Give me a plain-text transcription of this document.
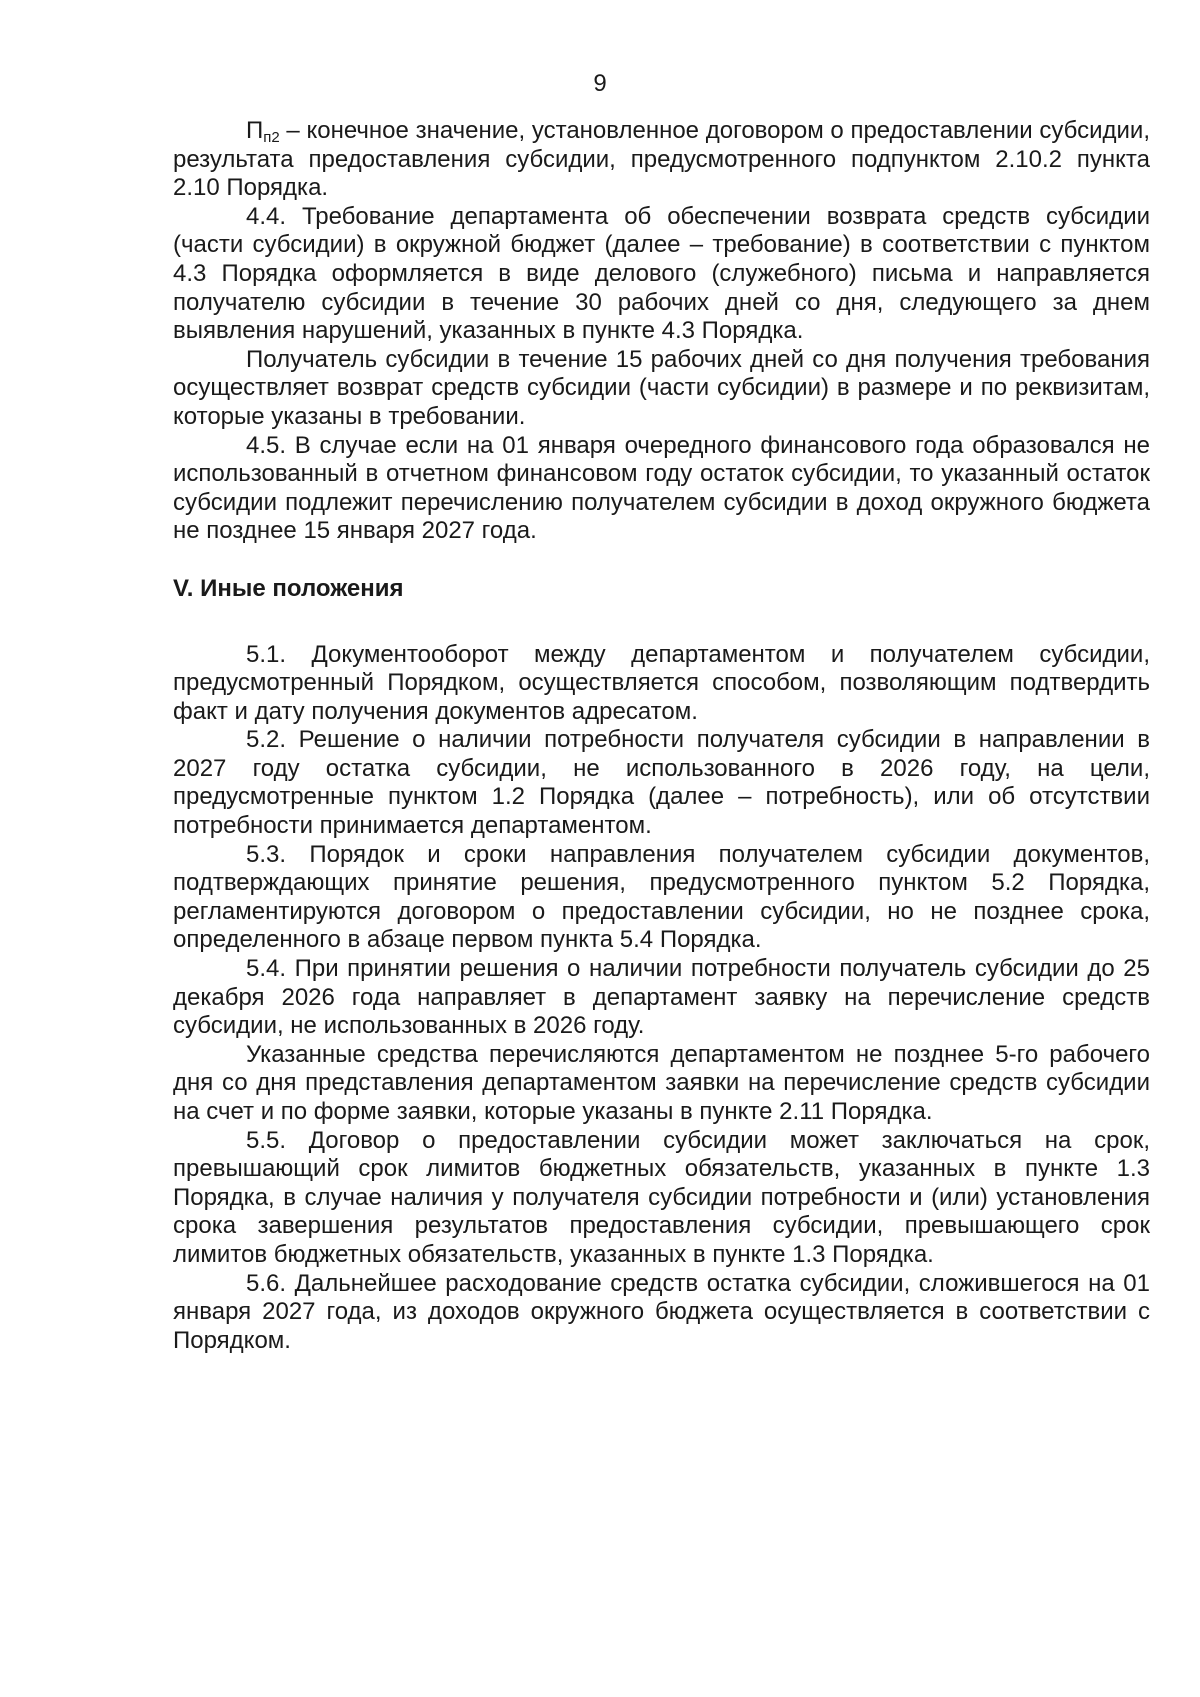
9

$П_{п2}$ – конечное значение, установленное договором о предоставлении субсидии, результата предоставления субсидии, предусмотренного подпунктом 2.10.2 пункта 2.10 Порядка.

4.4. Требование департамента об обеспечении возврата средств субсидии (части субсидии) в окружной бюджет (далее – требование) в соответствии с пунктом 4.3 Порядка оформляется в виде делового (служебного) письма и направляется получателю субсидии в течение 30 рабочих дней со дня, следующего за днем выявления нарушений, указанных в пункте 4.3 Порядка.

Получатель субсидии в течение 15 рабочих дней со дня получения требования осуществляет возврат средств субсидии (части субсидии) в размере и по реквизитам, которые указаны в требовании.

4.5. В случае если на 01 января очередного финансового года образовался не использованный в отчетном финансовом году остаток субсидии, то указанный остаток субсидии подлежит перечислению получателем субсидии в доход окружного бюджета не позднее 15 января 2027 года.

V. Иные положения

5.1. Документооборот между департаментом и получателем субсидии, предусмотренный Порядком, осуществляется способом, позволяющим подтвердить факт и дату получения документов адресатом.

5.2. Решение о наличии потребности получателя субсидии в направлении в 2027 году остатка субсидии, не использованного в 2026 году, на цели, предусмотренные пунктом 1.2 Порядка (далее – потребность), или об отсутствии потребности принимается департаментом.

5.3. Порядок и сроки направления получателем субсидии документов, подтверждающих принятие решения, предусмотренного пунктом 5.2 Порядка, регламентируются договором о предоставлении субсидии, но не позднее срока, определенного в абзаце первом пункта 5.4 Порядка.

5.4. При принятии решения о наличии потребности получатель субсидии до 25 декабря 2026 года направляет в департамент заявку на перечисление средств субсидии, не использованных в 2026 году.

Указанные средства перечисляются департаментом не позднее 5-го рабочего дня со дня представления департаментом заявки на перечисление средств субсидии на счет и по форме заявки, которые указаны в пункте 2.11 Порядка.

5.5. Договор о предоставлении субсидии может заключаться на срок, превышающий срок лимитов бюджетных обязательств, указанных в пункте 1.3 Порядка, в случае наличия у получателя субсидии потребности и (или) установления срока завершения результатов предоставления субсидии, превышающего срок лимитов бюджетных обязательств, указанных в пункте 1.3 Порядка.

5.6. Дальнейшее расходование средств остатка субсидии, сложившегося на 01 января 2027 года, из доходов окружного бюджета осуществляется в соответствии с Порядком.
